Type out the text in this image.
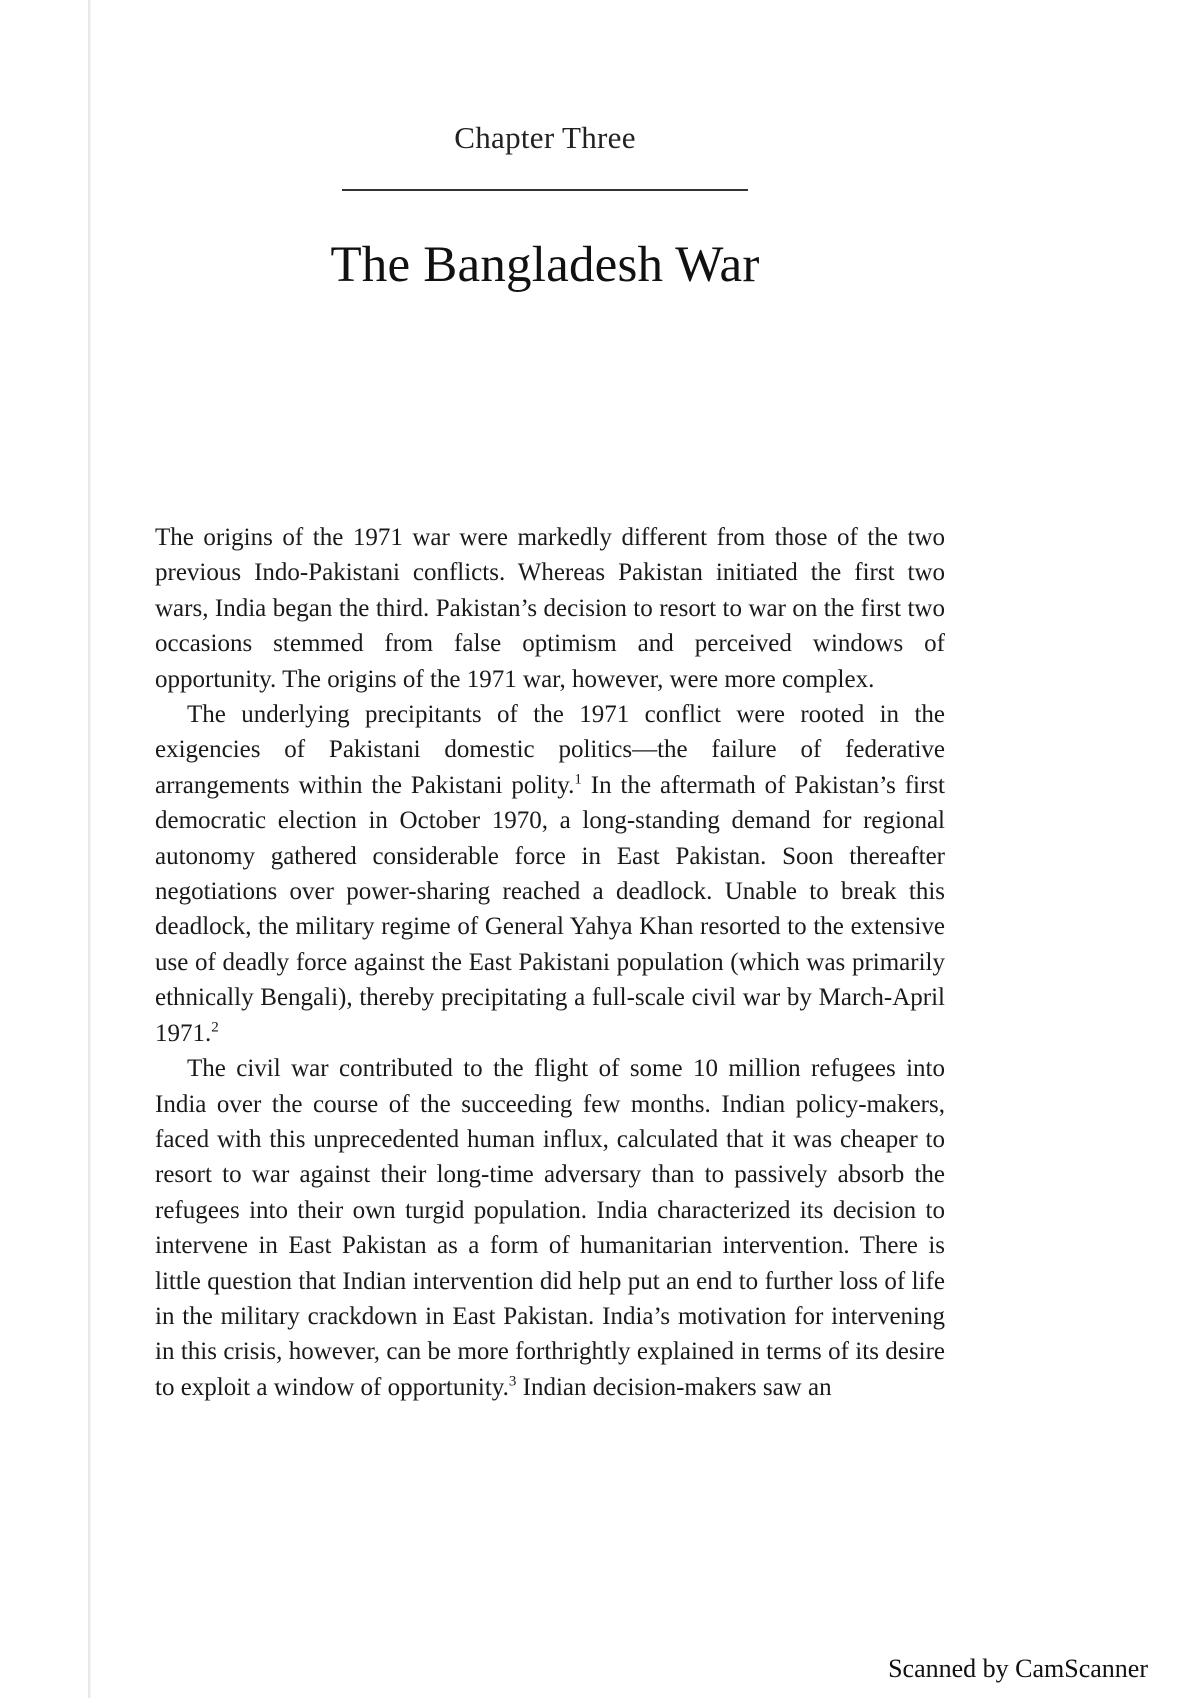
Chapter Three
The Bangladesh War

The origins of the 1971 war were markedly different from those of the two previous Indo-Pakistani conflicts. Whereas Pakistan initiated the first two wars, India began the third. Pakistan’s decision to resort to war on the first two occasions stemmed from false optimism and perceived windows of opportunity. The origins of the 1971 war, however, were more complex.

The underlying precipitants of the 1971 conflict were rooted in the exigencies of Pakistani domestic politics—the failure of federative arrangements within the Pakistani polity.$^1$ In the aftermath of Pakistan’s first democratic election in October 1970, a long-standing demand for regional autonomy gathered considerable force in East Pakistan. Soon thereafter negotiations over power-sharing reached a deadlock. Unable to break this deadlock, the military regime of General Yahya Khan resorted to the extensive use of deadly force against the East Pakistani population (which was primarily ethnically Bengali), thereby precipitating a full-scale civil war by March-April 1971.$^2$

The civil war contributed to the flight of some 10 million refugees into India over the course of the succeeding few months. Indian policy-makers, faced with this unprecedented human influx, calculated that it was cheaper to resort to war against their long-time adversary than to passively absorb the refugees into their own turgid population. India characterized its decision to intervene in East Pakistan as a form of humanitarian intervention. There is little question that Indian intervention did help put an end to further loss of life in the military crackdown in East Pakistan. India’s motivation for intervening in this crisis, however, can be more forthrightly explained in terms of its desire to exploit a window of opportunity.$^3$ Indian decision-makers saw an

Scanned by CamScanner
